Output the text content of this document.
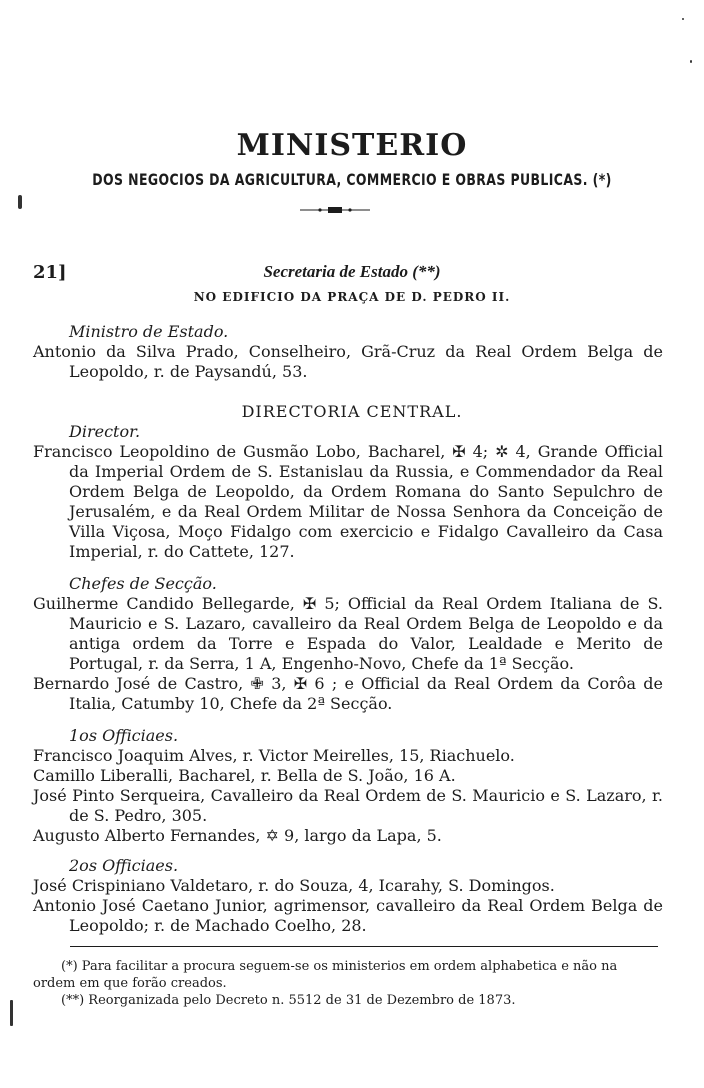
MINISTERIO
DOS NEGOCIOS DA AGRICULTURA, COMMERCIO E OBRAS PUBLICAS. (*)
21]	Secretaria de Estado (**)
NO EDIFICIO DA PRAÇA DE D. PEDRO II.
Ministro de Estado.
Antonio da Silva Prado, Conselheiro, Grã-Cruz da Real Ordem Belga de Leopoldo, r. de Paysandú, 53.
DIRECTORIA CENTRAL.
Director.
Francisco Leopoldino de Gusmão Lobo, Bacharel, ✠ 4; ✲ 4, Grande Official da Imperial Ordem de S. Estanislau da Russia, e Commendador da Real Ordem Belga de Leopoldo, da Ordem Romana do Santo Sepulchro de Jerusalém, e da Real Ordem Militar de Nossa Senhora da Conceição de Villa Viçosa, Moço Fidalgo com exercicio e Fidalgo Cavalleiro da Casa Imperial, r. do Cattete, 127.
Chefes de Secção.
Guilherme Candido Bellegarde, ✠ 5; Official da Real Ordem Italiana de S. Mauricio e S. Lazaro, cavalleiro da Real Ordem Belga de Leopoldo e da antiga ordem da Torre e Espada do Valor, Lealdade e Merito de Portugal, r. da Serra, 1 A, Engenho-Novo, Chefe da 1ª Secção.
Bernardo José de Castro, ✙ 3, ✠ 6 ; e Official da Real Ordem da Corôa de Italia, Catumby 10, Chefe da 2ª Secção.
1os Officiaes.
Francisco Joaquim Alves, r. Victor Meirelles, 15, Riachuelo.
Camillo Liberalli, Bacharel, r. Bella de S. João, 16 A.
José Pinto Serqueira, Cavalleiro da Real Ordem de S. Mauricio e S. Lazaro, r. de S. Pedro, 305.
Augusto Alberto Fernandes, ✡ 9, largo da Lapa, 5.
2os Officiaes.
José Crispiniano Valdetaro, r. do Souza, 4, Icarahy, S. Domingos.
Antonio José Caetano Junior, agrimensor, cavalleiro da Real Ordem Belga de Leopoldo; r. de Machado Coelho, 28.

(*) Para facilitar a procura seguem-se os ministerios em ordem alphabetica e não na ordem em que forão creados.

(**) Reorganizada pelo Decreto n. 5512 de 31 de Dezembro de 1873.
